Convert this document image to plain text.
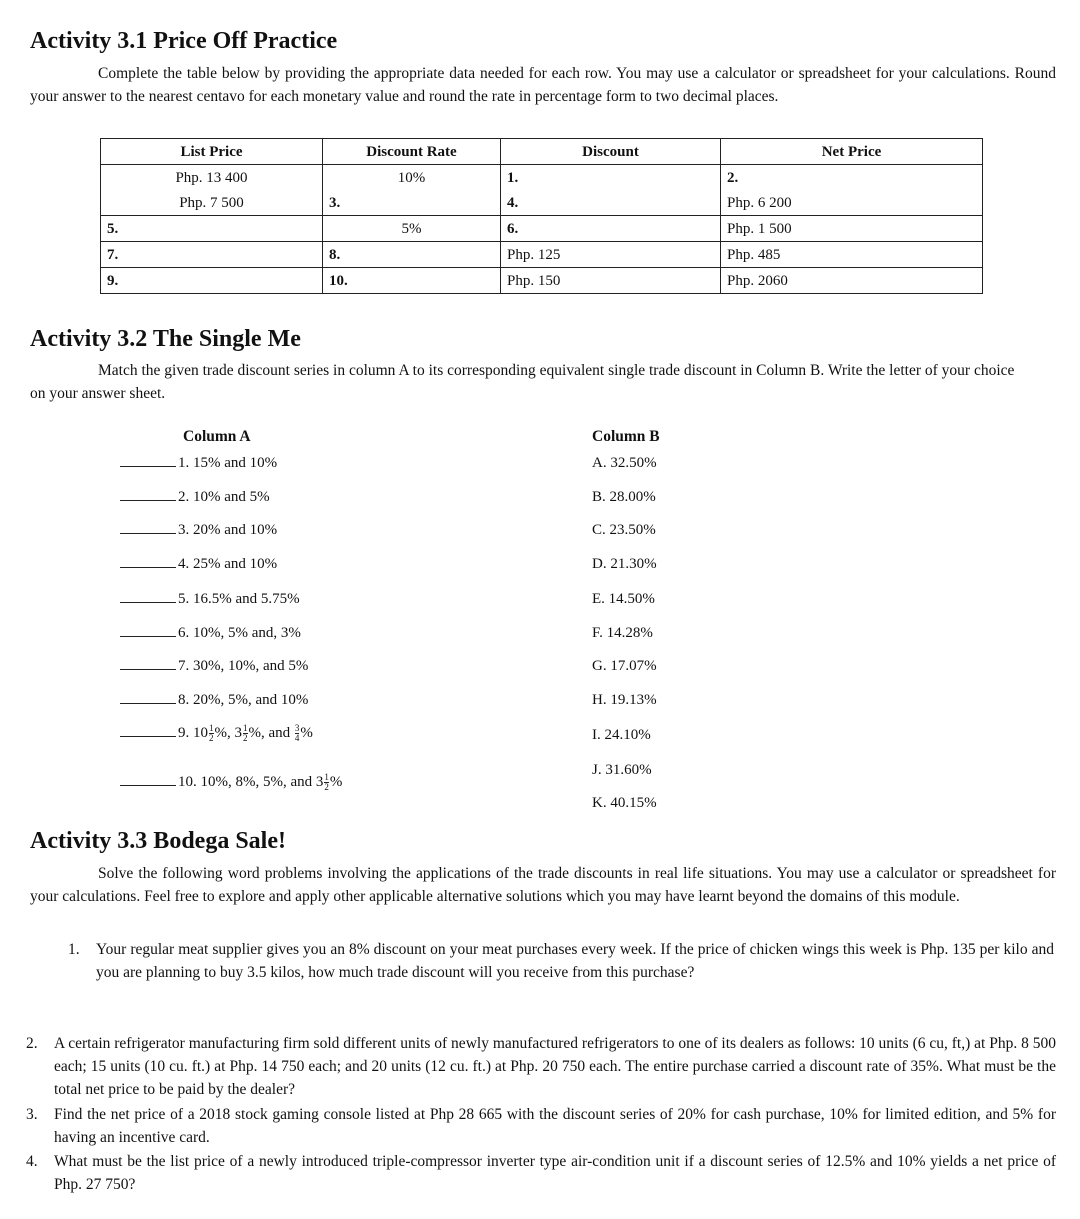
Activity 3.1 Price Off Practice
Complete the table below by providing the appropriate data needed for each row. You may use a calculator or spreadsheet for your calculations. Round your answer to the nearest centavo for each monetary value and round the rate in percentage form to two decimal places.
List Price	Discount Rate	Discount	Net Price
Php. 13 400	10%	1.	2.
Php. 7 500	3.	4.	Php. 6 200
5.	5%	6.	Php. 1 500
7.	8.	Php. 125	Php. 485
9.	10.	Php. 150	Php. 2060
Activity 3.2 The Single Me
Match the given trade discount series in column A to its corresponding equivalent single trade discount in Column B. Write the letter of your choice on your answer sheet.
Column A	Column B
1. 15% and 10%
2. 10% and 5%
3. 20% and 10%
4. 25% and 10%
5. 16.5% and 5.75%
6. 10%, 5% and, 3%
7. 30%, 10%, and 5%
8. 20%, 5%, and 10%
9. $10 \frac{1}{2}$ %, $3 \frac{1}{2}$ %, and $\frac{3}{4}$ %
10. 10%, 8%, 5%, and $3 \frac{1}{2}$ %
A. 32.50%
B. 28.00%
C. 23.50%
D. 21.30%
E. 14.50%
F. 14.28%
G. 17.07%
H. 19.13%
I. 24.10%
J. 31.60%
K. 40.15%
Activity 3.3 Bodega Sale!
Solve the following word problems involving the applications of the trade discounts in real life situations. You may use a calculator or spreadsheet for your calculations. Feel free to explore and apply other applicable alternative solutions which you may have learnt beyond the domains of this module.
1. Your regular meat supplier gives you an 8% discount on your meat purchases every week. If the price of chicken wings this week is Php. 135 per kilo and you are planning to buy 3.5 kilos, how much trade discount will you receive from this purchase?
2. A certain refrigerator manufacturing firm sold different units of newly manufactured refrigerators to one of its dealers as follows: 10 units (6 cu, ft,) at Php. 8 500 each; 15 units (10 cu. ft.) at Php. 14 750 each; and 20 units (12 cu. ft.) at Php. 20 750 each. The entire purchase carried a discount rate of 35%. What must be the total net price to be paid by the dealer?
3. Find the net price of a 2018 stock gaming console listed at Php 28 665 with the discount series of 20% for cash purchase, 10% for limited edition, and 5% for having an incentive card.
4. What must be the list price of a newly introduced triple-compressor inverter type air-condition unit if a discount series of 12.5% and 10% yields a net price of Php. 27 750?
